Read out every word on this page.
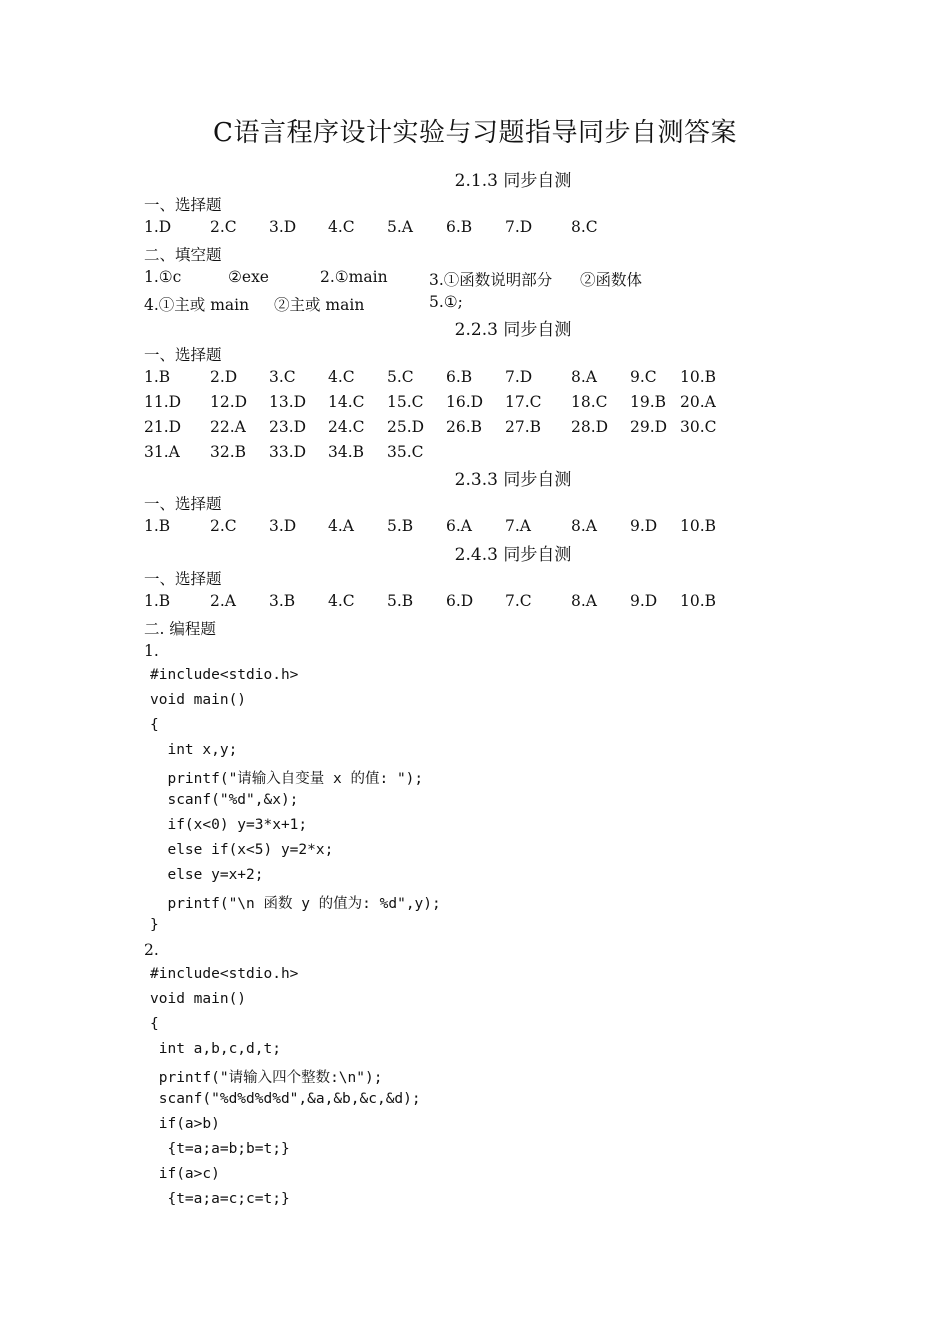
C语言程序设计实验与习题指导同步自测答案
2.1.3 同步自测
一、选择题
1.D	2.C 3.D 4.C 5.A 6.B 7.D	8.C
二、填空题
1.①c	②exe	2.①main	3.①函数说明部分 ②函数体
4.①主或 main ②主或 main	5.①;
2.2.3 同步自测
一、选择题
1.B	2.D 3.C 4.C 5.C 6.B 7.D	8.A 9.C 10.B
11.D 12.D 13.D 14.C 15.C 16.D 17.C 18.C 19.B 20.A
21.D 22.A 23.D 24.C 25.D 26.B 27.B 28.D 29.D 30.C
31.A 32.B 33.D 34.B 35.C
2.3.3 同步自测
一、选择题
1.B	2.C 3.D 4.A 5.B 6.A 7.A	8.A 9.D 10.B
2.4.3 同步自测
一、选择题
1.B	2.A 3.B 4.C 5.B 6.D 7.C	8.A 9.D 10.B
二. 编程题
1.
#include<stdio.h>
void main()
{
int x,y;
printf("请输入自变量 x 的值: ");
scanf("%d",&x);
if(x<0) y=3*x+1;
else if(x<5) y=2*x;
else y=x+2;
printf("\n 函数 y 的值为: %d",y);
}
2.
#include<stdio.h>
void main()
{
int a,b,c,d,t;
printf("请输入四个整数:\n");
scanf("%d%d%d%d",&a,&b,&c,&d);
if(a>b)
{t=a;a=b;b=t;}
if(a>c)
{t=a;a=c;c=t;}
